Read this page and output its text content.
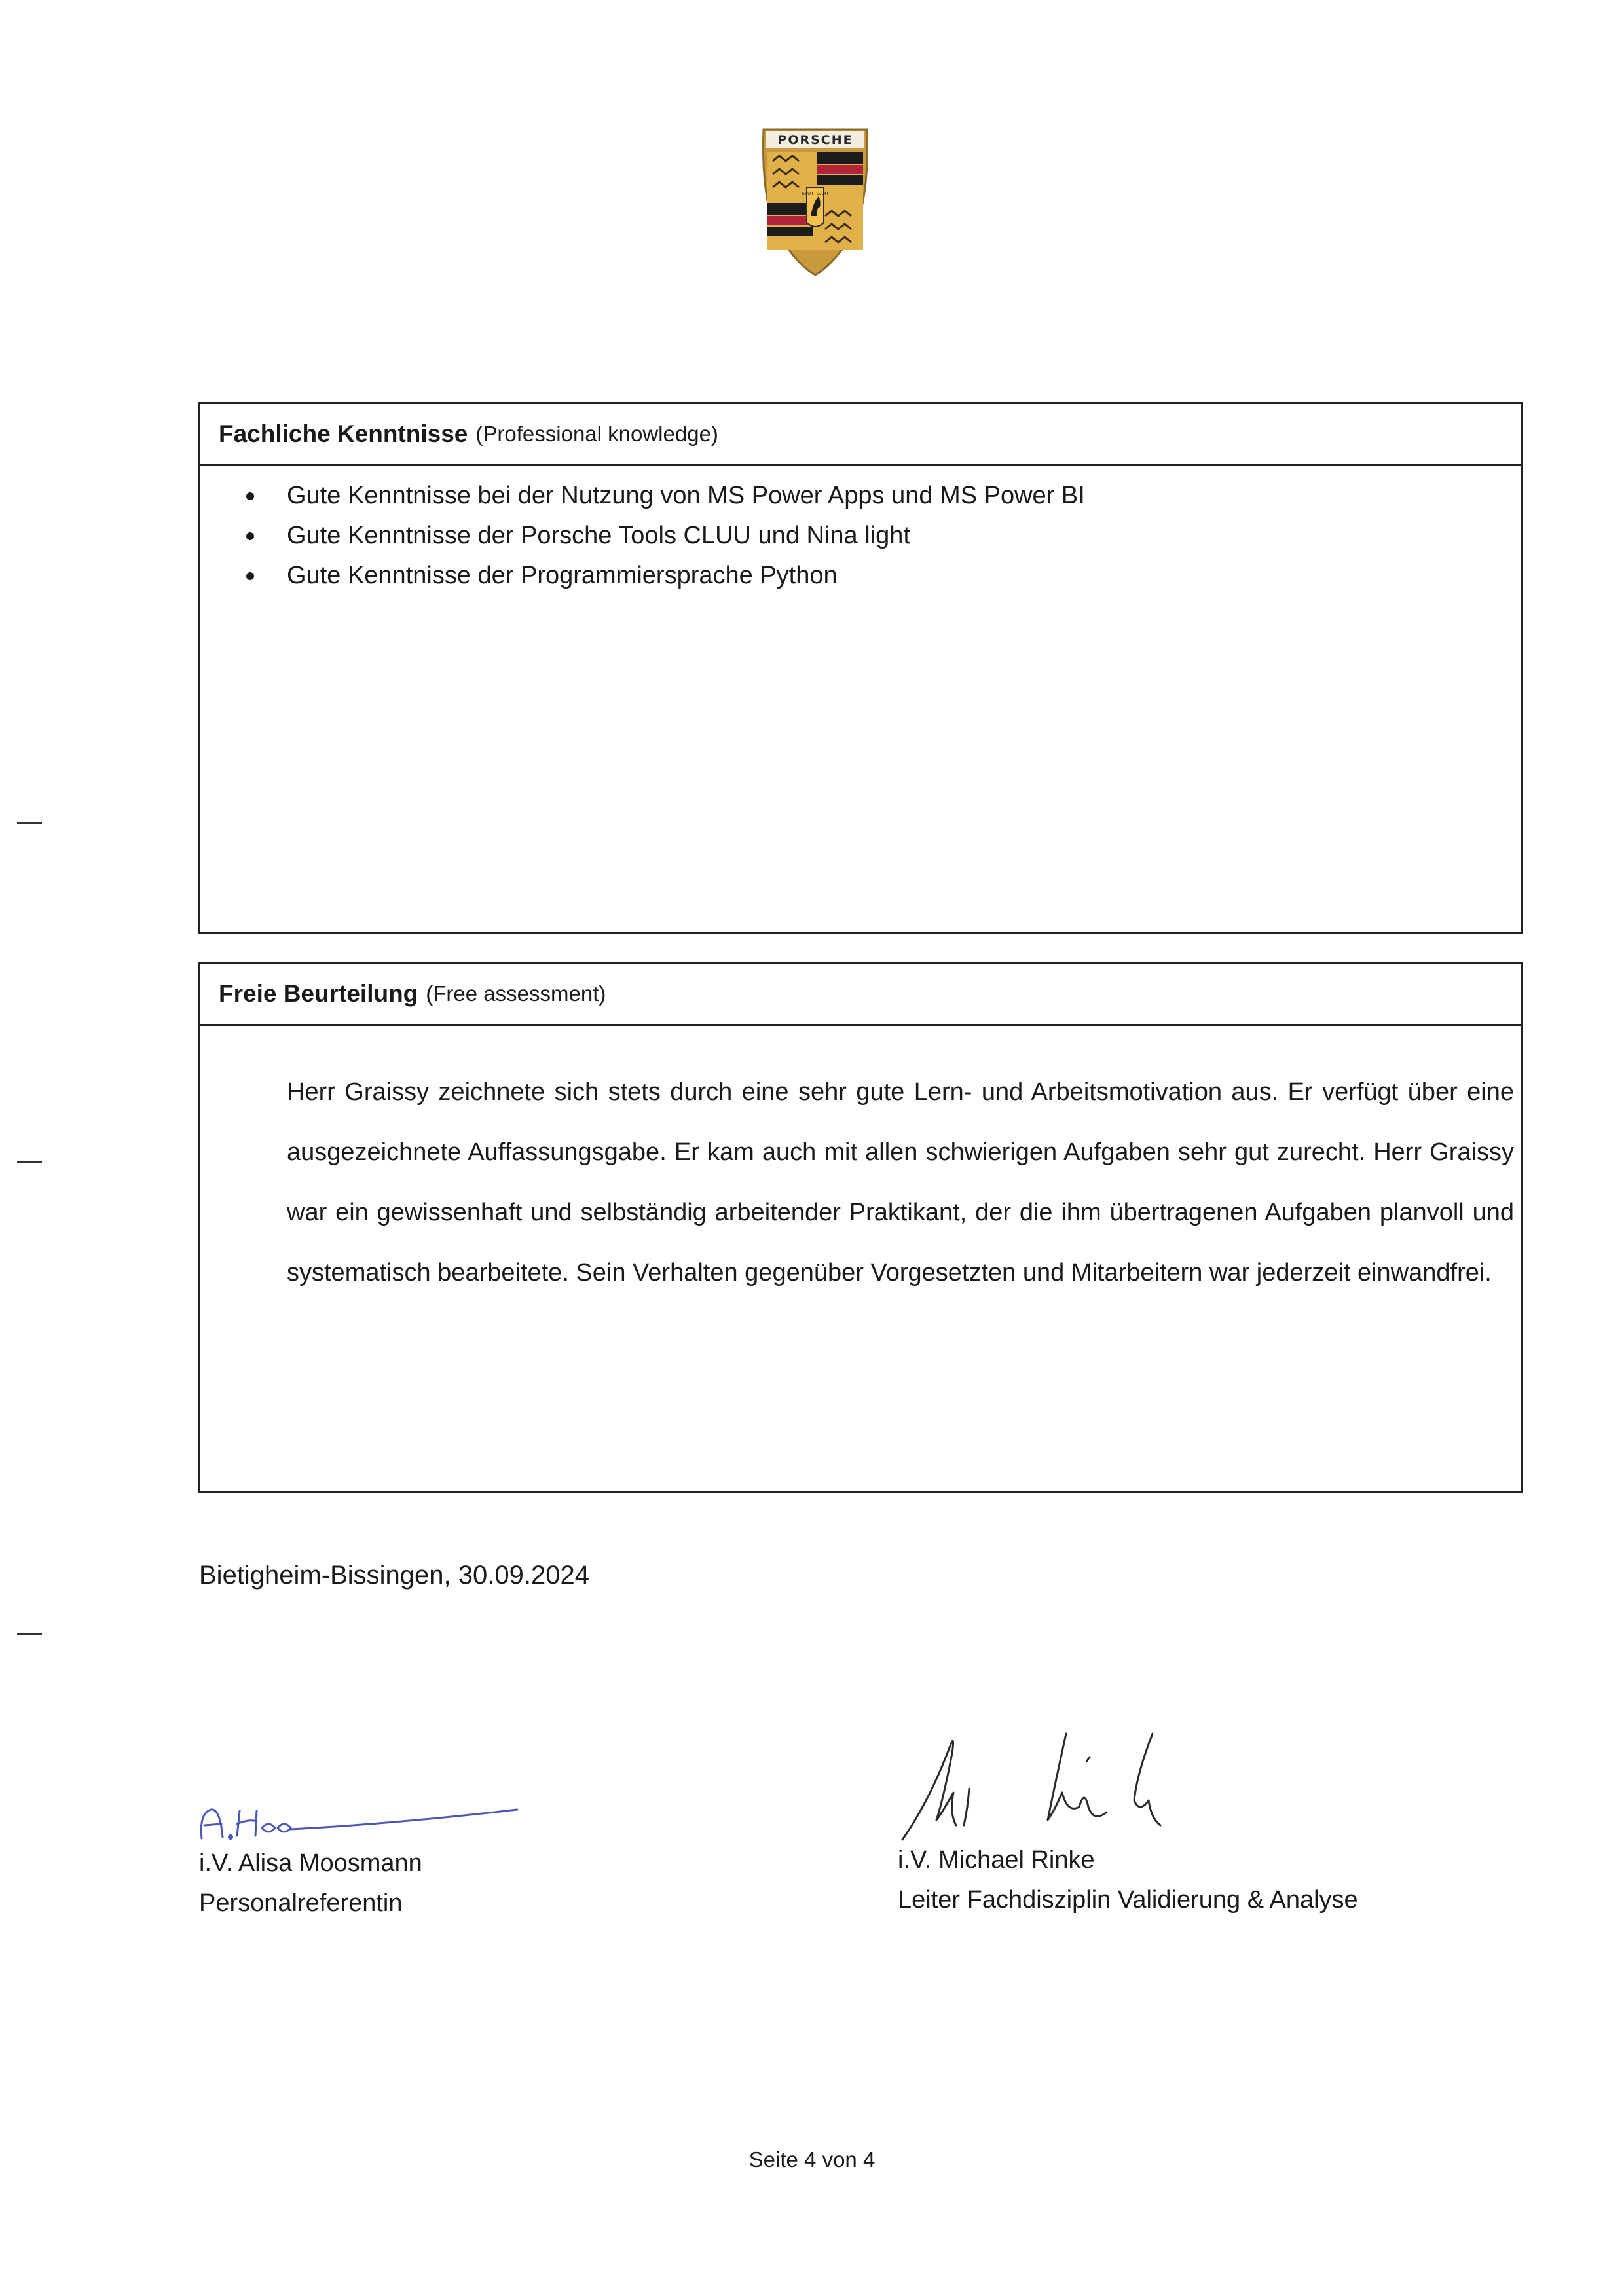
PORSCHE
STUTTGART
Fachliche Kenntnisse (Professional knowledge)
Gute Kenntnisse bei der Nutzung von MS Power Apps und MS Power BI
Gute Kenntnisse der Porsche Tools CLUU und Nina light
Gute Kenntnisse der Programmiersprache Python
Freie Beurteilung (Free assessment)

Herr Graissy zeichnete sich stets durch eine sehr gute Lern- und Arbeitsmotivation aus. Er verfügt über eine ausgezeichnete Auffassungsgabe. Er kam auch mit allen schwierigen Aufgaben sehr gut zurecht. Herr Graissy war ein gewissenhaft und selbständig arbeitender Praktikant, der die ihm übertragenen Aufgaben planvoll und systematisch bearbeitete. Sein Verhalten gegenüber Vorgesetzten und Mitarbeitern war jederzeit einwandfrei.

Bietigheim-Bissingen, 30.09.2024
i.V. Alisa Moosmann
Personalreferentin
i.V. Michael Rinke
Leiter Fachdisziplin Validierung & Analyse
Seite 4 von 4
